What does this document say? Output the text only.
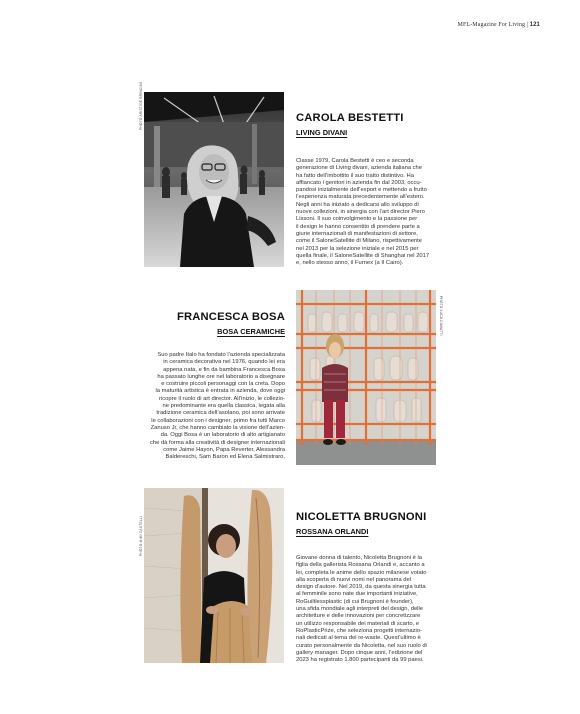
MFL-Magazine For Living | 121
PHOTO ARISTIDE BRINCIAS	CAROLA BESTETTI

LIVING DIVANI

Classe 1979, Carola Bestetti è ceo e seconda
generazione di Living divani, azienda italiana che
ha fatto dell’imbottito il suo tratto distintivo. Ha
affiancato i genitori in azienda fin dal 2003, occu-
pandosi inizialmente dell’export e mettendo a frutto
l’esperienza maturata precedentemente all’estero.
Negli anni ha iniziato a dedicarsi allo sviluppo di
nuove collezioni, in sinergia con l’art director Piero
Lissoni. Il suo coinvolgimento e la passione per
il design le hanno consentito di prendere parte a
giurie internazionali di manifestazioni di settore,
come il SaloneSatellite di Milano, rispettivamente
nel 2013 per la selezione iniziale e nel 2015 per
quella finale, il SaloneSatellite di Shanghai nel 2017
e, nello stesso anno, il Furnex (a Il Cairo).
FRANCESCA BOSA

BOSA CERAMICHE

Suo padre Italo ha fondato l’azienda specializzata
in ceramica decorativa nel 1976, quando lei era
appena nata, e fin da bambina Francesca Bosa
ha passato lunghe ore nel laboratorio a disegnare
e costruire piccoli personaggi con la creta. Dopo
la maturità artistica è entrata in azienda, dove oggi
ricopre il ruolo di art director. All’inizio, le collezio-
ne predominante era quella classica, legata alla
tradizione ceramica dell’asolano, poi sono arrivate
le collaborazioni con i designer, primo fra tutti Marco
Zanuso Jr, che hanno cambiato la visione dell’azien-
da. Oggi Bosa è un laboratorio di alto artigianato
che dà forma alla creatività di designer internazionali
come Jaime Hayon, Papa Reverter, Alessandra
Baldereschi, Sam Baron ed Elena Salmistraro.
PHOTO LUCA CIAVATTI
PHOTO MIMI CASTELLI	NICOLETTA BRUGNONI

ROSSANA ORLANDI

Giovane donna di talento, Nicoletta Brugnoni è la
figlia della gallerista Rossana Orlandi e, accanto a
lei, completa le anime dello spazio milanese votato
alla scoperta di nuovi nomi nel panorama del
design d’autore. Nel 2019, da questa sinergia tutta
al femminile sono nate due importanti iniziative,
RoGuiltlessplastic (di cui Brugnoni è founder),
una sfida mondiale agli interpreti del design, delle
architetture e delle innovazioni per concretizzare
un utilizzo responsabile dei materiali di scarto, e
RoPlasticPrize, che seleziona progetti internazio-
nali dedicati al tema del re-waste. Quest’ultimo è
curato personalmente da Nicoletta, nel suo ruolo di
gallery manager. Dopo cinque anni, l’edizione del
2023 ha registrato 1.800 partecipanti da 99 paesi.
